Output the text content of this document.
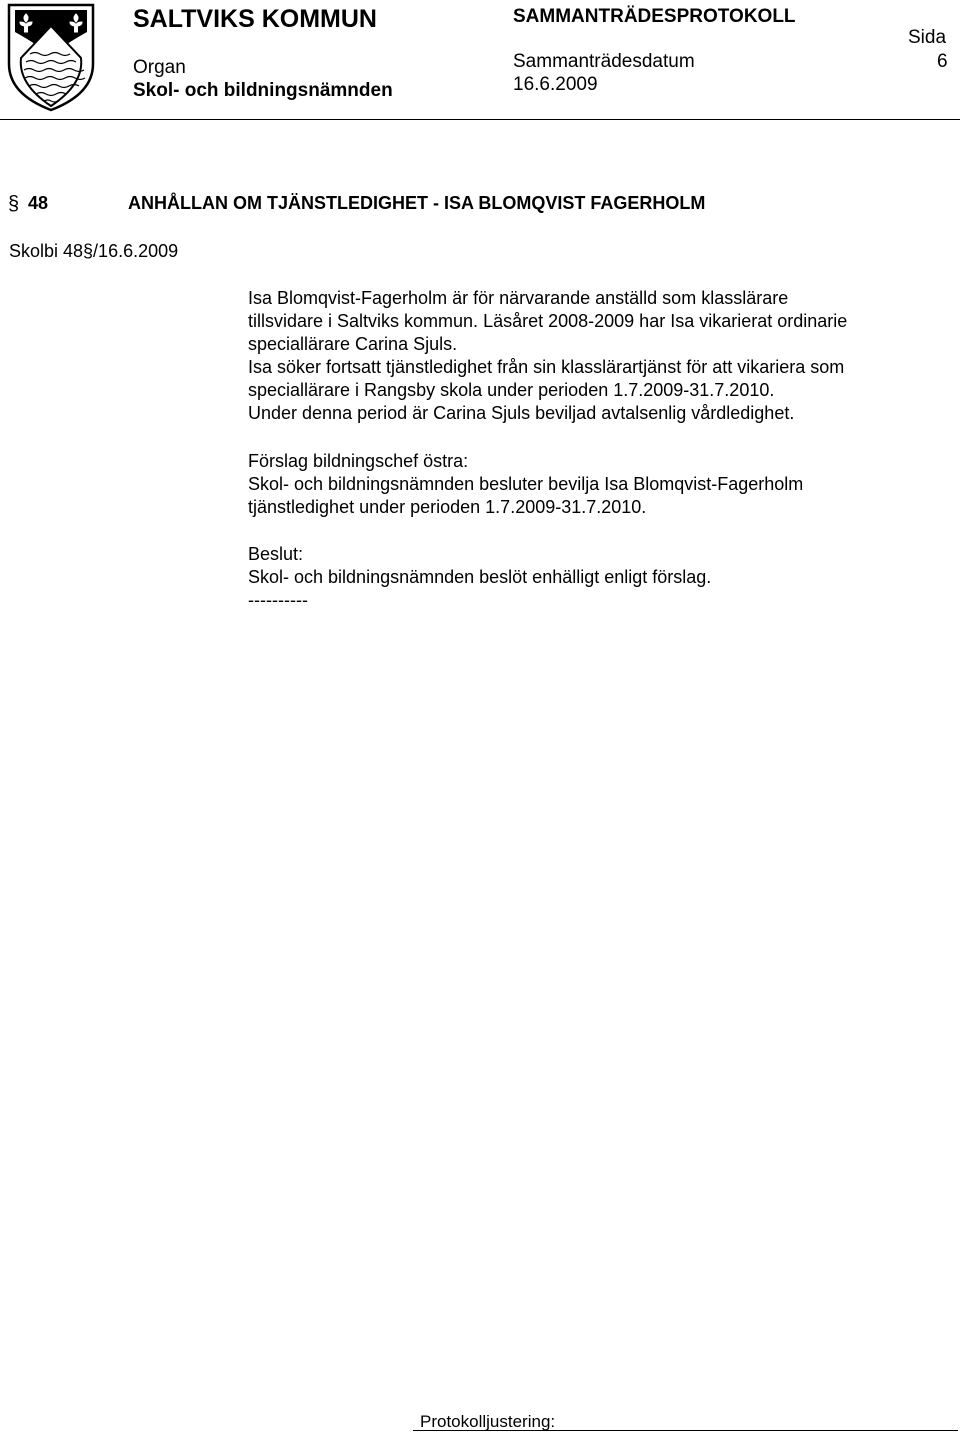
SALTVIKS KOMMUN
Organ
Skol- och bildningsnämnden
SAMMANTRÄDESPROTOKOLL
Sammanträdesdatum
16.6.2009
Sida
6
§ 48	ANHÅLLAN OM TJÄNSTLEDIGHET - ISA BLOMQVIST FAGERHOLM
Skolbi 48§/16.6.2009
Isa Blomqvist-Fagerholm är för närvarande anställd som klasslärare
tillsvidare i Saltviks kommun. Läsåret 2008-2009 har Isa vikarierat ordinarie
speciallärare Carina Sjuls.
Isa söker fortsatt tjänstledighet från sin klasslärartjänst för att vikariera som
speciallärare i Rangsby skola under perioden 1.7.2009-31.7.2010.
Under denna period är Carina Sjuls beviljad avtalsenlig vårdledighet.
Förslag bildningschef östra:
Skol- och bildningsnämnden besluter bevilja Isa Blomqvist-Fagerholm
tjänstledighet under perioden 1.7.2009-31.7.2010.
Beslut:
Skol- och bildningsnämnden beslöt enhälligt enligt förslag.
----------
Protokolljustering:
